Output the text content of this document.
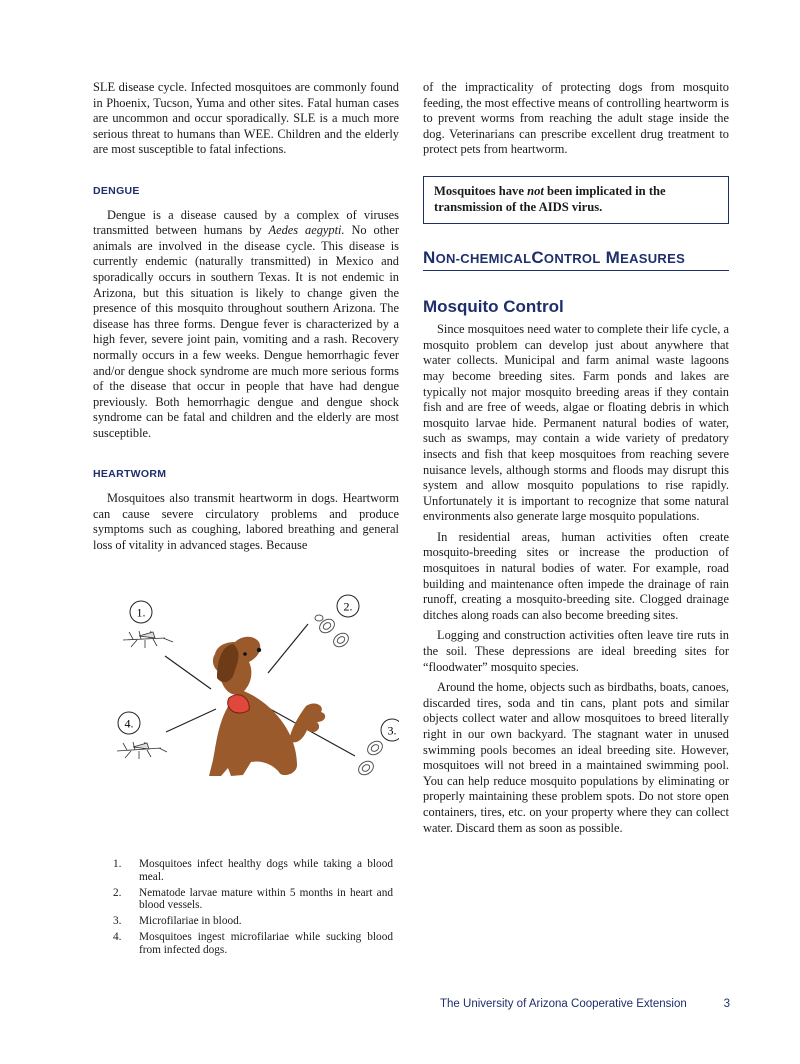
SLE disease cycle. Infected mosquitoes are commonly found in Phoenix, Tucson, Yuma and other sites. Fatal human cases are uncommon and occur sporadically. SLE is a much more serious threat to humans than WEE. Children and the elderly are most susceptible to fatal infections.

DENGUE

Dengue is a disease caused by a complex of viruses transmitted between humans by Aedes aegypti. No other animals are involved in the disease cycle. This disease is currently endemic (naturally transmitted) in Mexico and sporadically occurs in southern Texas. It is not endemic in Arizona, but this situation is likely to change given the presence of this mosquito throughout southern Arizona. The disease has three forms. Dengue fever is characterized by a high fever, severe joint pain, vomiting and a rash. Recovery normally occurs in a few weeks. Dengue hemorrhagic fever and/or dengue shock syndrome are much more serious forms of the disease that occur in people that have had dengue previously. Both hemorrhagic dengue and dengue shock syndrome can be fatal and children and the elderly are most susceptible.

HEARTWORM

Mosquitoes also transmit heartworm in dogs. Heartworm can cause severe circulatory problems and produce symptoms such as coughing, labored breathing and general loss of vitality in advanced stages. Because

1.	2.
3.
4.
1.	Mosquitoes infect healthy dogs while taking a blood meal.
2.	Nematode larvae mature within 5 months in heart and blood vessels.
3.	Microfilariae in blood.
4.	Mosquitoes ingest microfilariae while sucking blood from infected dogs.

of the impracticality of protecting dogs from mosquito feeding, the most effective means of controlling heartworm is to prevent worms from reaching the adult stage inside the dog. Veterinarians can prescribe excellent drug treatment to protect pets from heartworm.

Mosquitoes have not been implicated in the transmission of the AIDS virus.
NON-CHEMICALCONTROL MEASURES
Mosquito Control

Since mosquitoes need water to complete their life cycle, a mosquito problem can develop just about anywhere that water collects. Municipal and farm animal waste lagoons may become breeding sites. Farm ponds and lakes are typically not major mosquito breeding areas if they contain fish and are free of weeds, algae or floating debris in which mosquito larvae hide. Permanent natural bodies of water, such as swamps, may contain a wide variety of predatory insects and fish that keep mosquitoes from reaching severe nuisance levels, although storms and floods may disrupt this system and allow mosquito populations to rise rapidly. Unfortunately it is important to recognize that some natural environments also generate large mosquito populations.

In residential areas, human activities often create mosquito-breeding sites or increase the production of mosquitoes in natural bodies of water. For example, road building and maintenance often impede the drainage of rain runoff, creating a mosquito-breeding site. Clogged drainage ditches along roads can also become breeding sites.

Logging and construction activities often leave tire ruts in the soil. These depressions are ideal breeding sites for “floodwater” mosquito species.

Around the home, objects such as birdbaths, boats, canoes, discarded tires, soda and tin cans, plant pots and similar objects collect water and allow mosquitoes to breed literally right in our own backyard. The stagnant water in unused swimming pools becomes an ideal breeding site. However, mosquitoes will not breed in a maintained swimming pool. You can help reduce mosquito populations by eliminating or properly maintaining these problem spots. Do not store open containers, tires, etc. on your property where they can collect water. Discard them as soon as possible.

The University of Arizona Cooperative Extension	3
